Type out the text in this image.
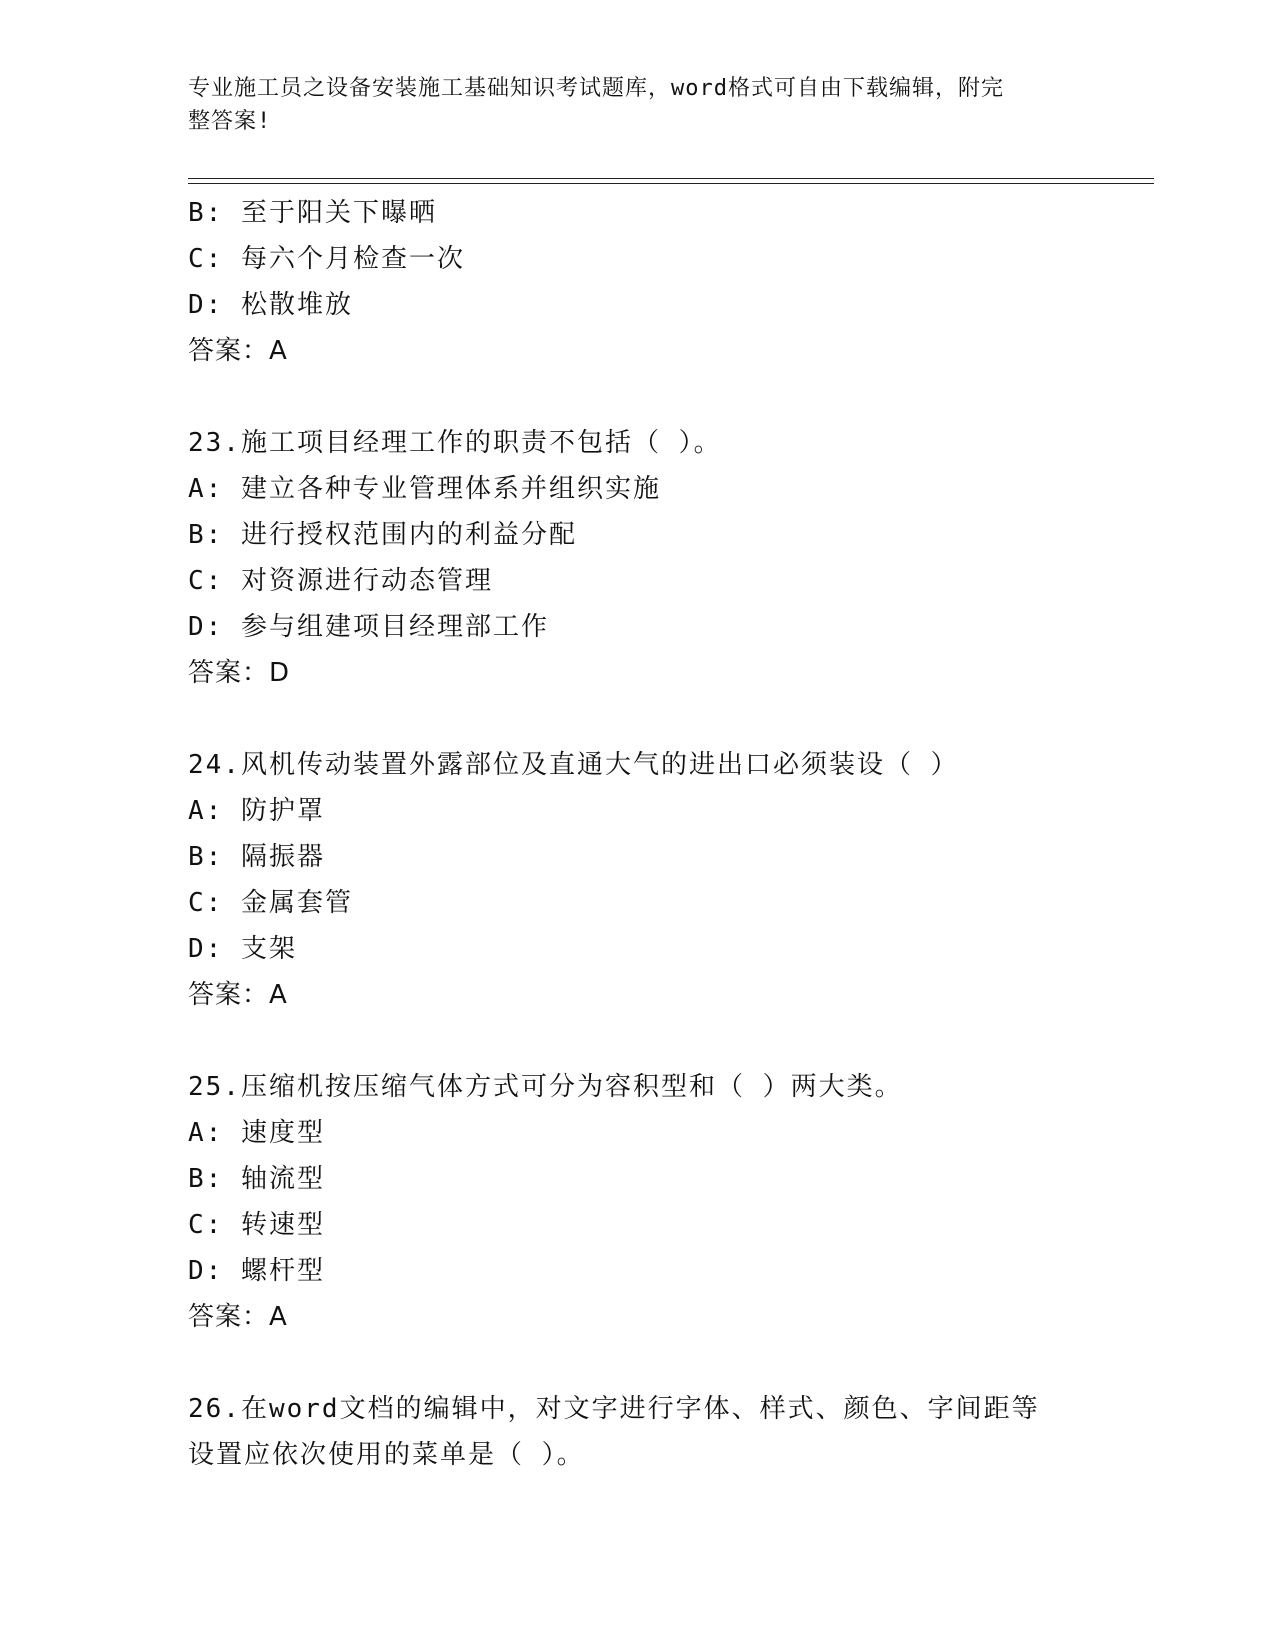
专业施工员之设备安装施工基础知识考试题库，word格式可自由下载编辑，附完
整答案!
B: 至于阳关下曝晒
C: 每六个月检查一次
D: 松散堆放
答案：A
23.施工项目经理工作的职责不包括（ ）。
A: 建立各种专业管理体系并组织实施
B: 进行授权范围内的利益分配
C: 对资源进行动态管理
D: 参与组建项目经理部工作
答案：D
24.风机传动装置外露部位及直通大气的进出口必须装设（ ）
A: 防护罩
B: 隔振器
C: 金属套管
D: 支架
答案：A
25.压缩机按压缩气体方式可分为容积型和（ ）两大类。
A: 速度型
B: 轴流型
C: 转速型
D: 螺杆型
答案：A
26.在word文档的编辑中，对文字进行字体、样式、颜色、字间距等
设置应依次使用的菜单是（ ）。
